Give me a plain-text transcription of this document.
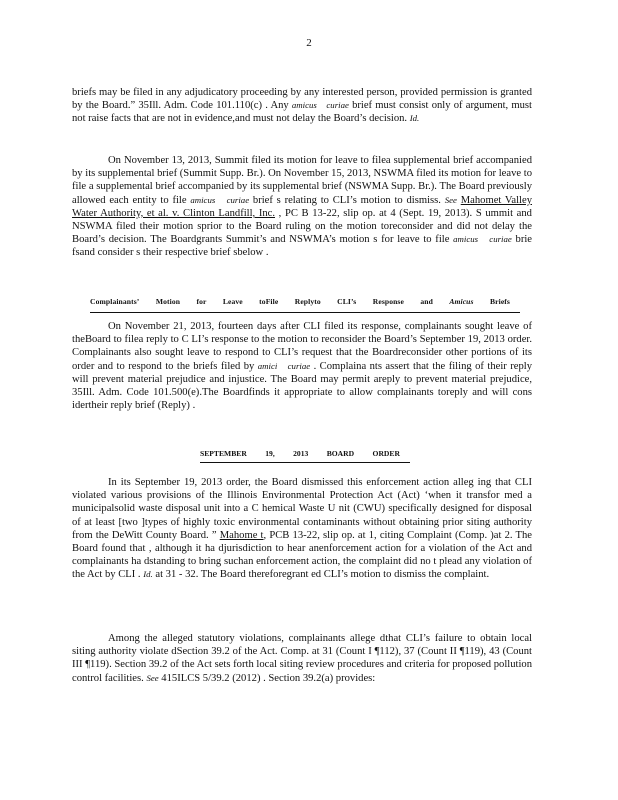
2

briefs may be filed in any adjudicatory proceeding by any interested person, provided permission is granted by the Board.” 35Ill. Adm. Code 101.110(c) . Any amicus curiae brief must consist only of argument, must not raise facts that are not in evidence,and must not delay the Board’s decision. Id.

On November 13, 2013, Summit filed its motion for leave to filea supplemental brief accompanied by its supplemental brief (Summit Supp. Br.). On November 15, 2013, NSWMA filed its motion for leave to file a supplemental brief accompanied by its supplemental brief (NSWMA Supp. Br.). The Board previously allowed each entity to file amicus curiae brief s relating to CLI’s motion to dismiss. See Mahomet Valley Water Authority, et al. v. Clinton Landfill, Inc. , PC B 13-22, slip op. at 4 (Sept. 19, 2013). S ummit and NSWMA filed their motion sprior to the Board ruling on the motion toreconsider and did not delay the Board’s decision. The Boardgrants Summit’s and NSWMA’s motion s for leave to file amicus curiae brie fsand consider s their respective brief sbelow .

Complainants’ Motion for Leave toFile Replyto CLI’s Response and Amicus Briefs

On November 21, 2013, fourteen days after CLI filed its response, complainants sought leave of theBoard to filea reply to C LI’s response to the motion to reconsider the Board’s September 19, 2013 order. Complainants also sought leave to respond to CLI’s request that the Boardreconsider other portions of its order and to respond to the briefs filed by amici curiae . Complaina nts assert that the filing of their reply will prevent material prejudice and injustice. The Board may permit areply to prevent material prejudice, 35Ill. Adm. Code 101.500(e).The Boardfinds it appropriate to allow complainants toreply and will cons idertheir reply brief (Reply) .

SEPTEMBER 19, 2013 BOARD ORDER

In its September 19, 2013 order, the Board dismissed this enforcement action alleg ing that CLI violated various provisions of the Illinois Environmental Protection Act (Act) ‘when it transfor med a municipalsolid waste disposal unit into a C hemical Waste U nit (CWU) specifically designed for disposal of at least [two ]types of highly toxic environmental contaminants without obtaining prior siting authority from the DeWitt County Board. ” Mahome t, PCB 13-22, slip op. at 1, citing Complaint (Comp. )at 2. The Board found that , although it ha djurisdiction to hear anenforcement action for a violation of the Act and complainants ha dstanding to bring suchan enforcement action, the complaint did no t plead any violation of the Act by CLI . Id. at 31 - 32. The Board thereforegrant ed CLI’s motion to dismiss the complaint.

Among the alleged statutory violations, complainants allege dthat CLI’s failure to obtain local siting authority violate dSection 39.2 of the Act. Comp. at 31 (Count I ¶112), 37 (Count II ¶119), 43 (Count III ¶119). Section 39.2 of the Act sets forth local siting review procedures and criteria for proposed pollution control facilities. See 415ILCS 5/39.2 (2012) . Section 39.2(a) provides:
